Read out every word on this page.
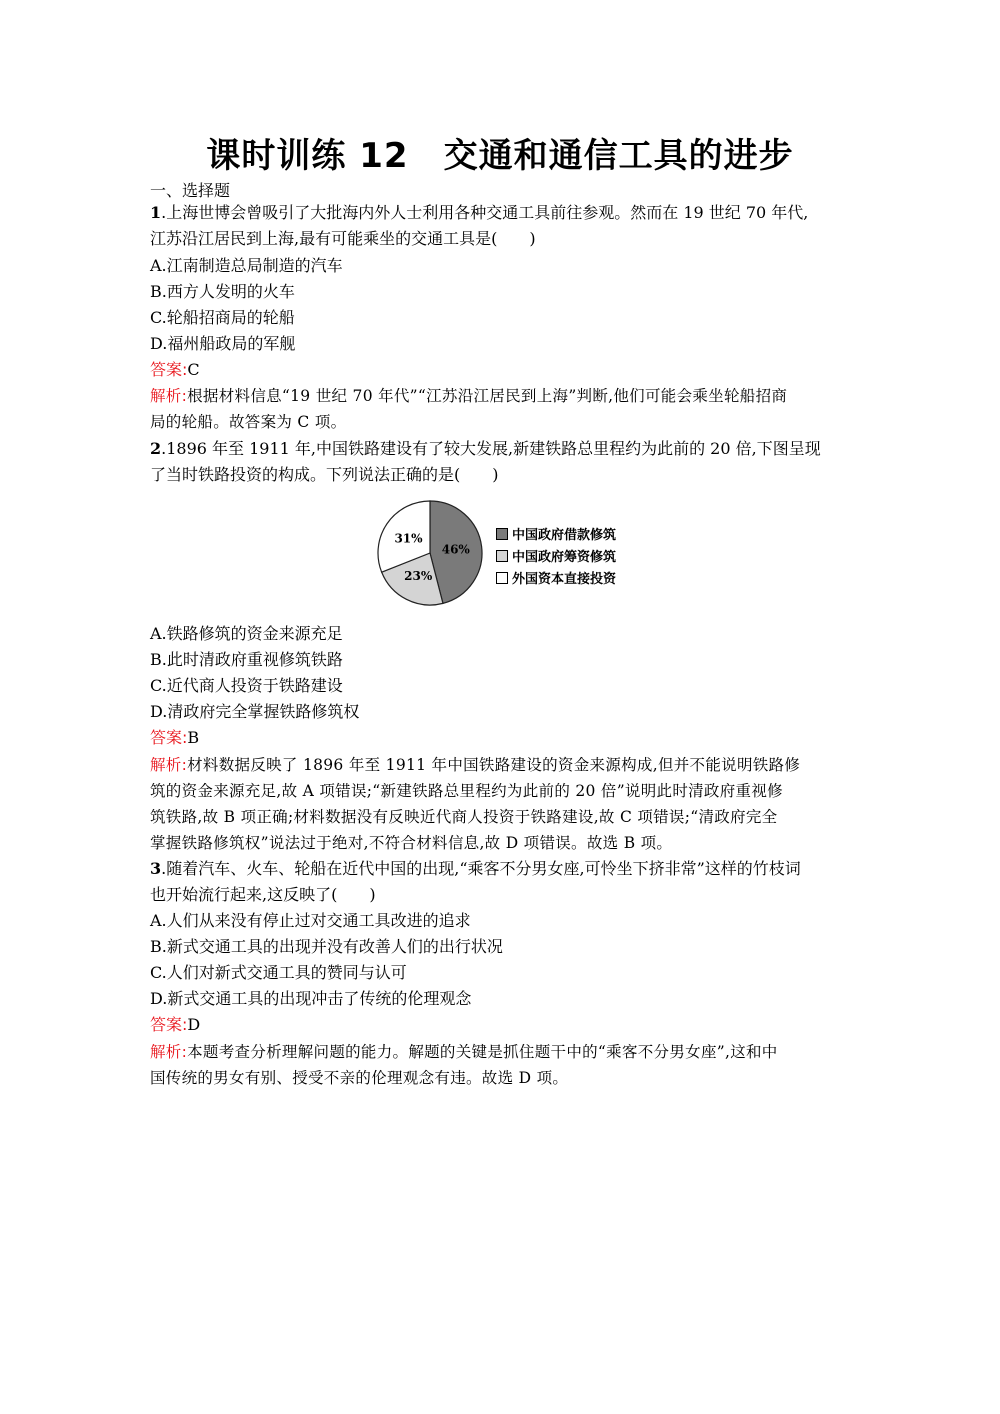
课时训练 12　交通和通信工具的进步
一、选择题
1.上海世博会曾吸引了大批海内外人士利用各种交通工具前往参观。然而在 19 世纪 70 年代,
江苏沿江居民到上海,最有可能乘坐的交通工具是(　　)
A.江南制造总局制造的汽车
B.西方人发明的火车
C.轮船招商局的轮船
D.福州船政局的军舰
答案:C
解析:根据材料信息“19 世纪 70 年代”“江苏沿江居民到上海”判断,他们可能会乘坐轮船招商
局的轮船。故答案为 C 项。
2.1896 年至 1911 年,中国铁路建设有了较大发展,新建铁路总里程约为此前的 20 倍,下图呈现
了当时铁路投资的构成。下列说法正确的是(　　)
46%
23%
31%	中国政府借款修筑
中国政府筹资修筑
外国资本直接投资
A.铁路修筑的资金来源充足
B.此时清政府重视修筑铁路
C.近代商人投资于铁路建设
D.清政府完全掌握铁路修筑权
答案:B
解析:材料数据反映了 1896 年至 1911 年中国铁路建设的资金来源构成,但并不能说明铁路修
筑的资金来源充足,故 A 项错误;“新建铁路总里程约为此前的 20 倍”说明此时清政府重视修
筑铁路,故 B 项正确;材料数据没有反映近代商人投资于铁路建设,故 C 项错误;“清政府完全
掌握铁路修筑权”说法过于绝对,不符合材料信息,故 D 项错误。故选 B 项。
3.随着汽车、火车、轮船在近代中国的出现,“乘客不分男女座,可怜坐下挤非常”这样的竹枝词
也开始流行起来,这反映了(　　)
A.人们从来没有停止过对交通工具改进的追求
B.新式交通工具的出现并没有改善人们的出行状况
C.人们对新式交通工具的赞同与认可
D.新式交通工具的出现冲击了传统的伦理观念
答案:D
解析:本题考查分析理解问题的能力。解题的关键是抓住题干中的“乘客不分男女座”,这和中
国传统的男女有别、授受不亲的伦理观念有违。故选 D 项。
